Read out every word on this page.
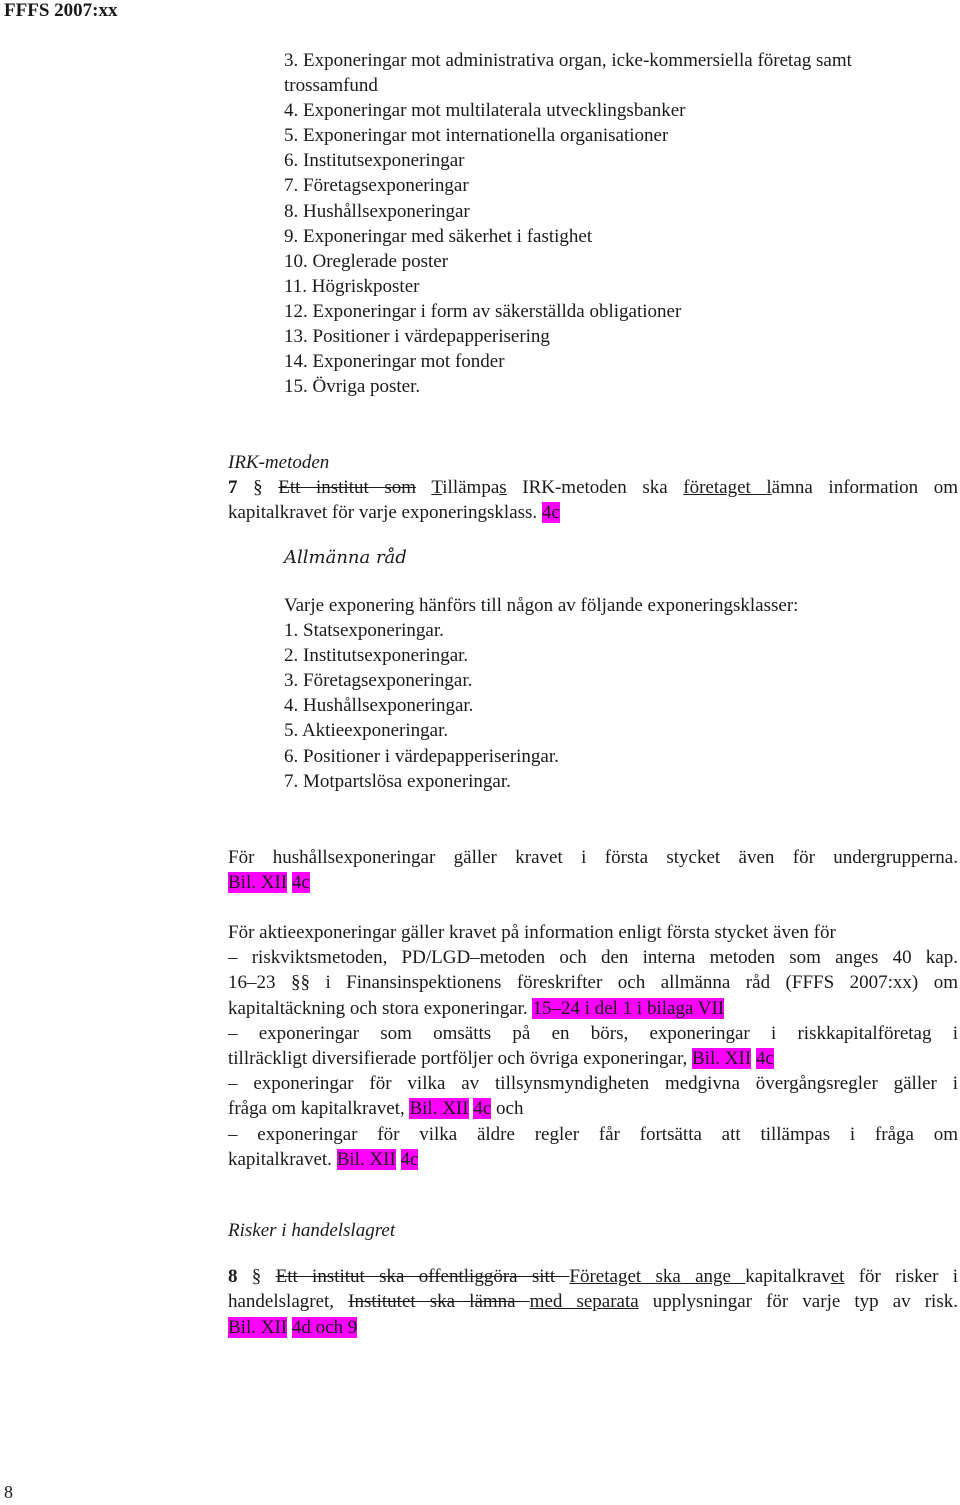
FFFS 2007:xx
3. Exponeringar mot administrativa organ, icke-kommersiella företag samt
trossamfund
4. Exponeringar mot multilaterala utvecklingsbanker
5. Exponeringar mot internationella organisationer
6. Institutsexponeringar
7. Företagsexponeringar
8. Hushållsexponeringar
9. Exponeringar med säkerhet i fastighet
10. Oreglerade poster
11. Högriskposter
12. Exponeringar i form av säkerställda obligationer
13. Positioner i värdepapperisering
14. Exponeringar mot fonder
15. Övriga poster.
IRK-metoden
7 § Ett institut som Tillämpas IRK-metoden ska företaget lämna information om
kapitalkravet för varje exponeringsklass. 4c
Allmänna råd
Varje exponering hänförs till någon av följande exponeringsklasser:
1. Statsexponeringar.
2. Institutsexponeringar.
3. Företagsexponeringar.
4. Hushållsexponeringar.
5. Aktieexponeringar.
6. Positioner i värdepapperiseringar.
7. Motpartslösa exponeringar.
För hushållsexponeringar gäller kravet i första stycket även för undergrupperna.
Bil. XII 4c
För aktieexponeringar gäller kravet på information enligt första stycket även för
– riskviktsmetoden, PD/LGD–metoden och den interna metoden som anges 40 kap.
16–23 §§ i Finansinspektionens föreskrifter och allmänna råd (FFFS 2007:xx) om
kapitaltäckning och stora exponeringar. 15–24 i del 1 i bilaga VII
– exponeringar som omsätts på en börs, exponeringar i riskkapitalföretag i
tillräckligt diversifierade portföljer och övriga exponeringar, Bil. XII 4c
– exponeringar för vilka av tillsynsmyndigheten medgivna övergångsregler gäller i
fråga om kapitalkravet, Bil. XII 4c och
– exponeringar för vilka äldre regler får fortsätta att tillämpas i fråga om
kapitalkravet. Bil. XII 4c
Risker i handelslagret
8 § Ett institut ska offentliggöra sitt Företaget ska ange kapitalkravet för risker i
handelslagret, Institutet ska lämna med separata upplysningar för varje typ av risk.
Bil. XII 4d och 9
8
